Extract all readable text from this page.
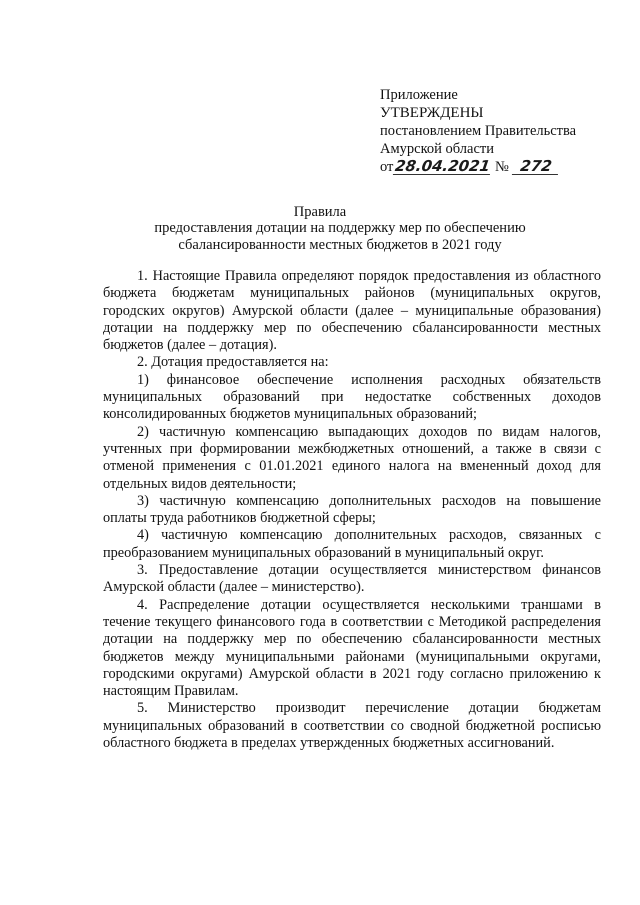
Приложение
УТВЕРЖДЕНЫ
постановлением Правительства
Амурской области
от28.04.2021 № 272
Правила
предоставления дотации на поддержку мер по обеспечению сбалансированности местных бюджетов в 2021 году

1. Настоящие Правила определяют порядок предоставления из областного бюджета бюджетам муниципальных районов (муниципальных округов, городских округов) Амурской области (далее – муниципальные образования) дотации на поддержку мер по обеспечению сбалансированности местных бюджетов (далее – дотация).

2. Дотация предоставляется на:

1) финансовое обеспечение исполнения расходных обязательств муниципальных образований при недостатке собственных доходов консолидированных бюджетов муниципальных образований;

2) частичную компенсацию выпадающих доходов по видам налогов, учтенных при формировании межбюджетных отношений, а также в связи с отменой применения с 01.01.2021 единого налога на вмененный доход для отдельных видов деятельности;

3) частичную компенсацию дополнительных расходов на повышение оплаты труда работников бюджетной сферы;

4) частичную компенсацию дополнительных расходов, связанных с преобразованием муниципальных образований в муниципальный округ.

3. Предоставление дотации осуществляется министерством финансов Амурской области (далее – министерство).

4. Распределение дотации осуществляется несколькими траншами в течение текущего финансового года в соответствии с Методикой распределения дотации на поддержку мер по обеспечению сбалансированности местных бюджетов между муниципальными районами (муниципальными округами, городскими округами) Амурской области в 2021 году согласно приложению к настоящим Правилам.

5. Министерство производит перечисление дотации бюджетам муниципальных образований в соответствии со сводной бюджетной росписью областного бюджета в пределах утвержденных бюджетных ассигнований.
